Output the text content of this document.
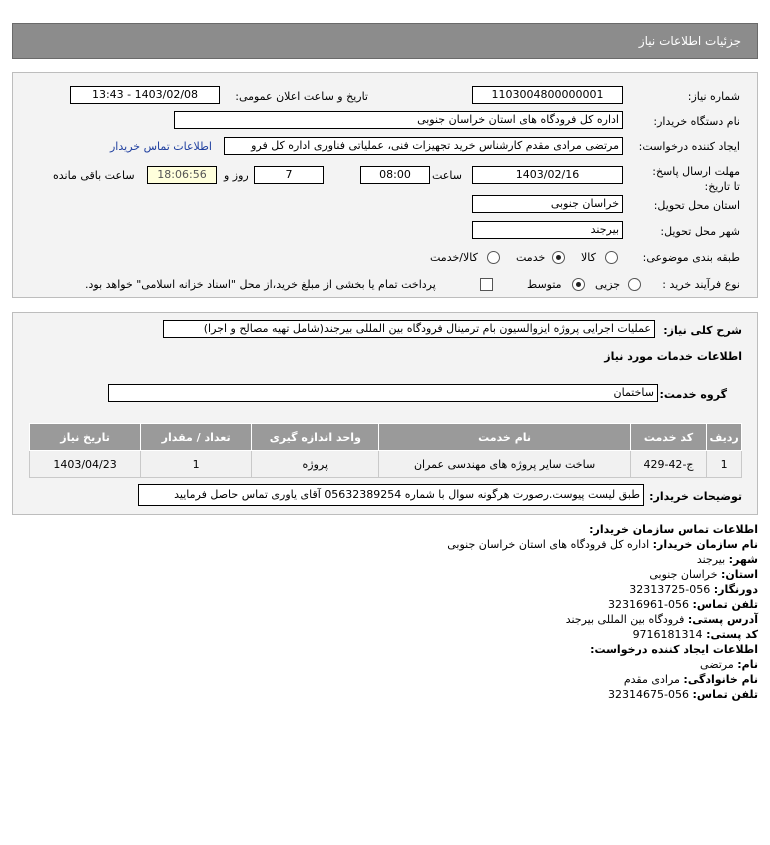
جزئیات اطلاعات نیاز
شماره نیاز:
1103004800000001
تاریخ و ساعت اعلان عمومی:
1403/02/08 - 13:43
نام دستگاه خریدار:
اداره کل فرودگاه های استان خراسان جنوبی
ایجاد کننده درخواست:
مرتضی مرادی مقدم کارشناس خرید تجهیزات فنی، عملیاتی فناوری اداره کل فرو
اطلاعات تماس خریدار
مهلت ارسال پاسخ: تا تاریخ:
1403/02/16
ساعت
08:00
7
روز و
18:06:56
ساعت باقی مانده
استان محل تحویل:
خراسان جنوبی
شهر محل تحویل:
بیرجند
طبقه بندی موضوعی:
کالا
خدمت
کالا/خدمت
نوع فرآیند خرید :
جزیی
متوسط
پرداخت تمام یا بخشی از مبلغ خرید،از محل "اسناد خزانه اسلامی" خواهد بود.
شرح کلی نیاز:
عملیات اجرایی پروژه ایزوالسیون بام ترمینال فرودگاه بین المللی بیرجند(شامل تهیه مصالح و اجرا)
اطلاعات خدمات مورد نیاز
گروه خدمت:
ساختمان
ردیف	کد خدمت	نام خدمت	واحد اندازه گیری	تعداد / مقدار	تاریخ نیاز
1	ج-42-429	ساخت سایر پروژه های مهندسی عمران	پروژه	1	1403/04/23
توضیحات خریدار:
طبق لیست پیوست.رصورت هرگونه سوال با شماره 05632389254 آقای یاوری تماس حاصل فرمایید
اطلاعات تماس سازمان خریدار:
نام سازمان خریدار: اداره کل فرودگاه های استان خراسان جنوبی
شهر: بیرجند
استان: خراسان جنوبی
دورنگار: 056-32313725
تلفن تماس: 056-32316961
آدرس پستی: فرودگاه بین المللی بیرجند
کد پستی: 9716181314
اطلاعات ایجاد کننده درخواست:
نام: مرتضی
نام خانوادگی: مرادی مقدم
تلفن تماس: 056-32314675
